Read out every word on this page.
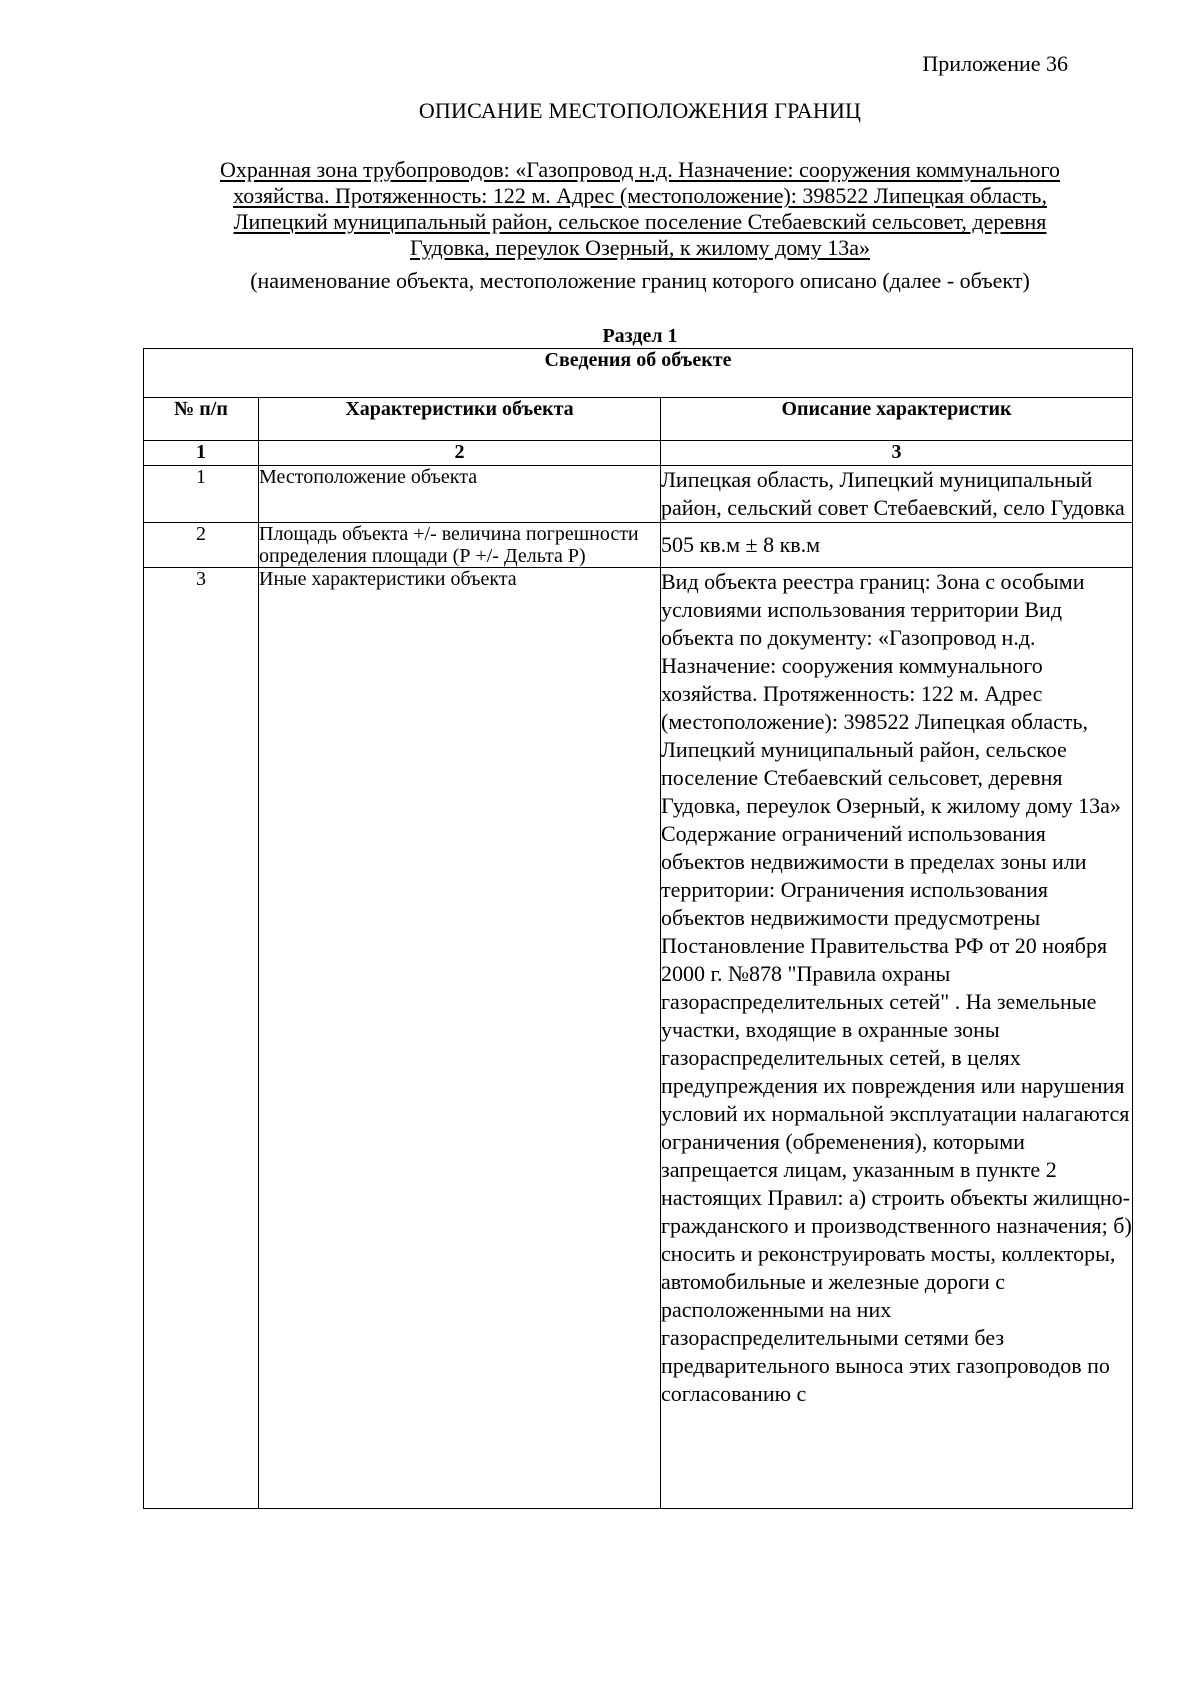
Приложение 36

ОПИСАНИЕ МЕСТОПОЛОЖЕНИЯ ГРАНИЦ
Охранная зона трубопроводов: «Газопровод н.д. Назначение: сооружения коммунального
хозяйства. Протяженность: 122 м. Адрес (местоположение): 398522 Липецкая область,
Липецкий муниципальный район, сельское поселение Стебаевский сельсовет, деревня
Гудовка, переулок Озерный, к жилому дому 13а»

(наименование объекта, местоположение границ которого описано (далее - объект)

Раздел 1

Сведения об объекте		
№ п/п	Характеристики объекта	Описание характеристик
1	2	3
1	Местоположение объекта	Липецкая область, Липецкий муниципальный район, сельский совет Стебаевский, село Гудовка
2	Площадь объекта +/- величина погрешности определения площади (Р +/- Дельта Р)	505 кв.м ± 8 кв.м
3	Иные характеристики объекта	Вид объекта реестра границ: Зона с особыми условиями использования территории Вид объекта по документу: «Газопровод н.д. Назначение: сооружения коммунального хозяйства. Протяженность: 122 м. Адрес (местоположение): 398522 Липецкая область, Липецкий муниципальный район, сельское поселение Стебаевский сельсовет, деревня Гудовка, переулок Озерный, к жилому дому 13а» Содержание ограничений использования объектов недвижимости в пределах зоны или территории: Ограничения использования объектов недвижимости предусмотрены Постановление Правительства РФ от 20 ноября 2000 г. №878 "Правила охраны газораспределительных сетей" . На земельные участки, входящие в охранные зоны газораспределительных сетей, в целях предупреждения их повреждения или нарушения условий их нормальной эксплуатации налагаются ограничения (обременения), которыми запрещается лицам, указанным в пункте 2 настоящих Правил: а) строить объекты жилищно-гражданского и производственного назначения; б) сносить и реконструировать мосты, коллекторы, автомобильные и железные дороги с расположенными на них газораспределительными сетями без предварительного выноса этих газопроводов по согласованию с
